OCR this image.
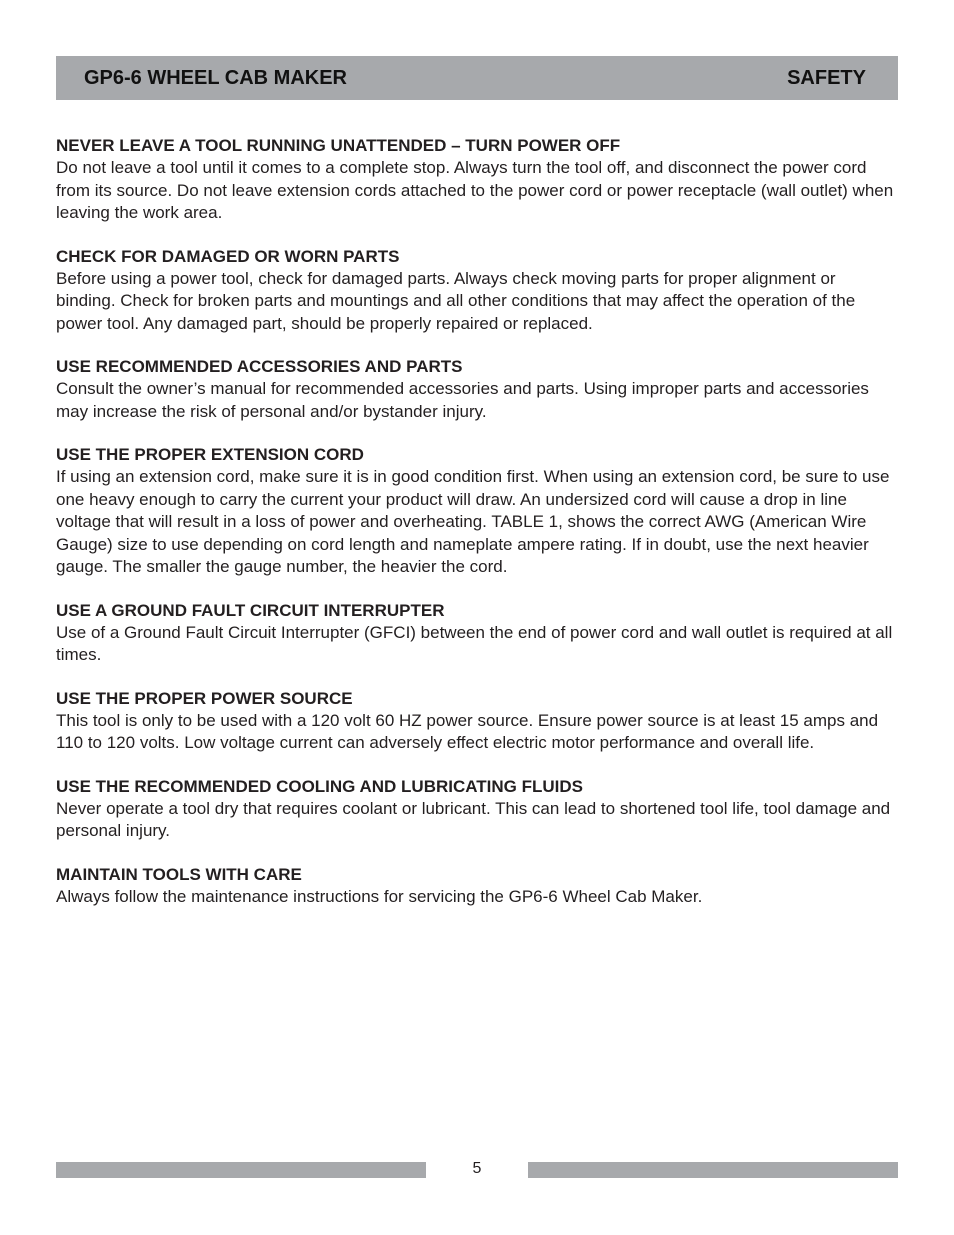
GP6-6 WHEEL CAB MAKER	SAFETY

NEVER LEAVE A TOOL RUNNING UNATTENDED – TURN POWER OFF

Do not leave a tool until it comes to a complete stop. Always turn the tool off, and disconnect the power cord from its source. Do not leave extension cords attached to the power cord or power receptacle (wall outlet) when leaving the work area.

CHECK FOR DAMAGED OR WORN PARTS

Before using a power tool, check for damaged parts. Always check moving parts for proper alignment or binding. Check for broken parts and mountings and all other conditions that may affect the operation of the power tool. Any damaged part, should be properly repaired or replaced.

USE RECOMMENDED ACCESSORIES AND PARTS

Consult the owner’s manual for recommended accessories and parts. Using improper parts and accessories may increase the risk of personal and/or bystander injury.

USE THE PROPER EXTENSION CORD

If using an extension cord, make sure it is in good condition first. When using an extension cord, be sure to use one heavy enough to carry the current your product will draw. An undersized cord will cause a drop in line voltage that will result in a loss of power and overheating. TABLE 1, shows the correct AWG (American Wire Gauge) size to use depending on cord length and nameplate ampere rating. If in doubt, use the next heavier gauge. The smaller the gauge number, the heavier the cord.

USE A GROUND FAULT CIRCUIT INTERRUPTER

Use of a Ground Fault Circuit Interrupter (GFCI) between the end of power cord and wall outlet is required at all times.

USE THE PROPER POWER SOURCE

This tool is only to be used with a 120 volt 60 HZ power source. Ensure power source is at least 15 amps and 110 to 120 volts. Low voltage current can adversely effect electric motor performance and overall life.

USE THE RECOMMENDED COOLING AND LUBRICATING FLUIDS

Never operate a tool dry that requires coolant or lubricant. This can lead to shortened tool life, tool damage and personal injury.

MAINTAIN TOOLS WITH CARE

Always follow the maintenance instructions for servicing the GP6-6 Wheel Cab Maker.

5
